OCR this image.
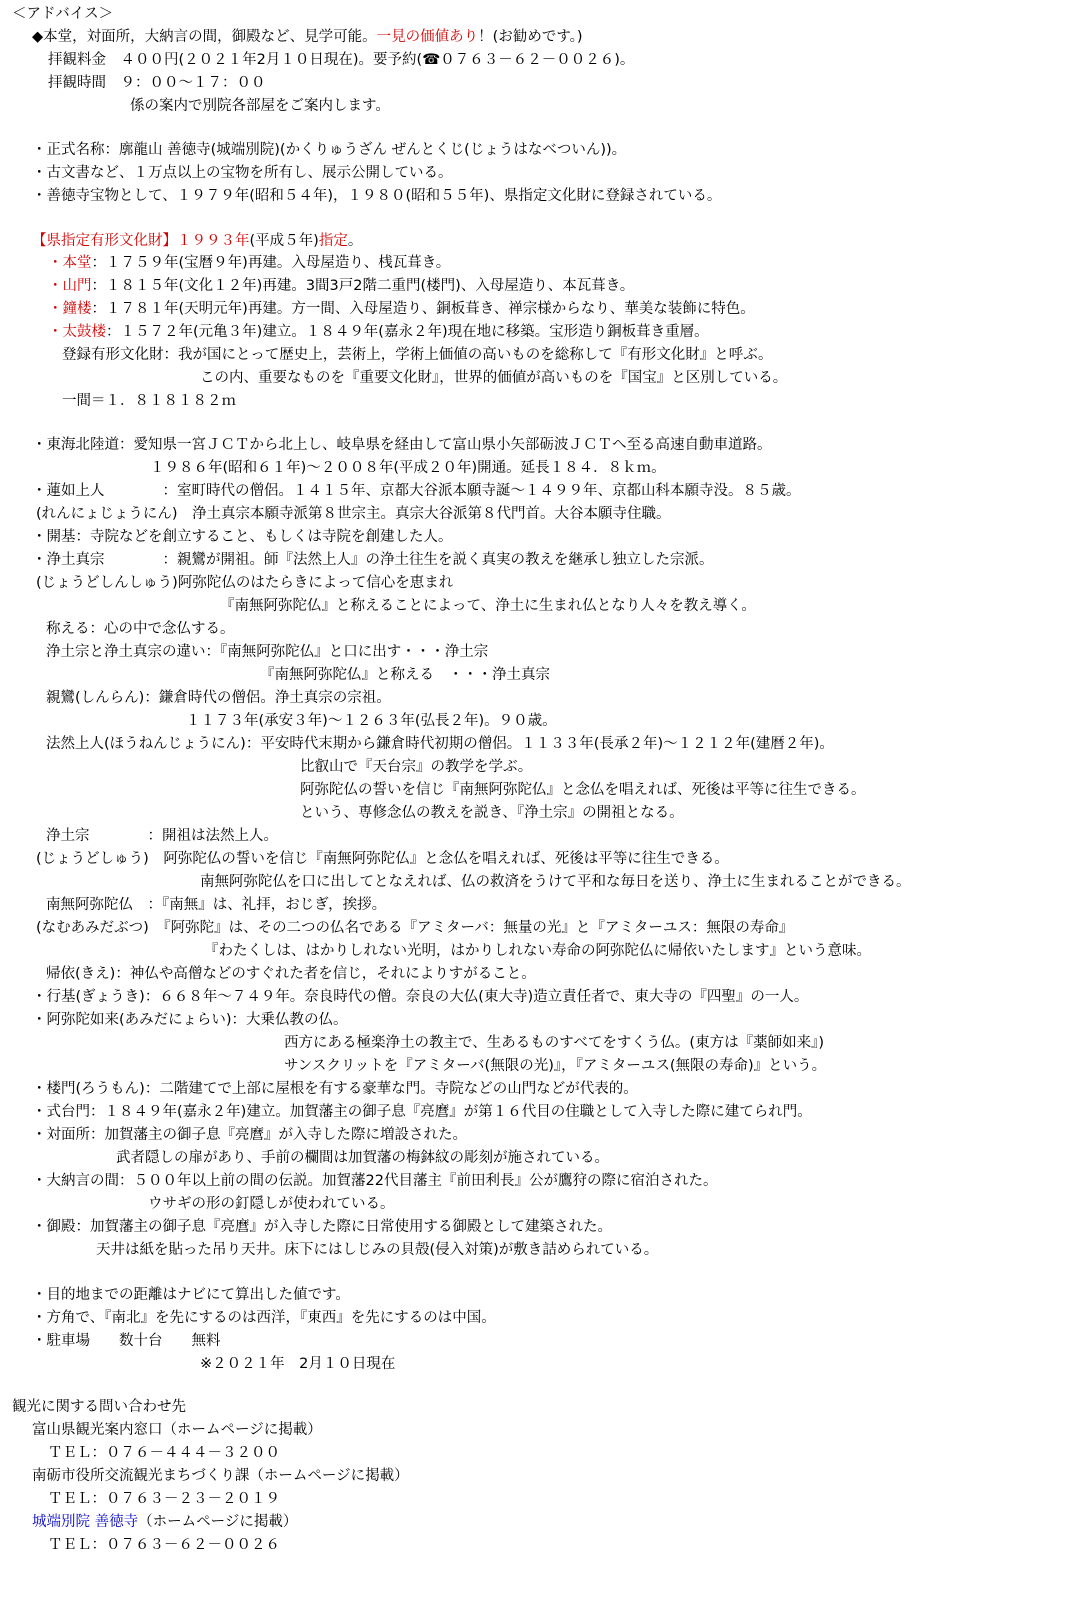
＜アドバイス＞
◆本堂，対面所，大納言の間，御殿など、見学可能。一見の価値あり！(お勧めです。)
拝観料金　４００円(２０２１年2月１０日現在)。要予約(☎０７６３－６２－００２６)。
拝観時間　９：００～１７：００
係の案内で別院各部屋をご案内します。
・正式名称：廓龍山 善徳寺(城端別院)(かくりゅうざん ぜんとくじ(じょうはなべついん))。
・古文書など、１万点以上の宝物を所有し、展示公開している。
・善徳寺宝物として、１９７９年(昭和５４年)，１９８０(昭和５５年)、県指定文化財に登録されている。
【県指定有形文化財】１９９３年(平成５年)指定。
・本堂：１７５９年(宝暦９年)再建。入母屋造り、桟瓦葺き。
・山門：１８１５年(文化１２年)再建。3間3戸2階二重門(楼門)、入母屋造り、本瓦葺き。
・鐘楼：１７８１年(天明元年)再建。方一間、入母屋造り、銅板葺き、禅宗様からなり、華美な装飾に特色。
・太鼓楼：１５７２年(元亀３年)建立。１８４９年(嘉永２年)現在地に移築。宝形造り銅板葺き重層。
登録有形文化財：我が国にとって歴史上，芸術上，学術上価値の高いものを総称して『有形文化財』と呼ぶ。
この内、重要なものを『重要文化財』，世界的価値が高いものを『国宝』と区別している。
一間＝１．８１８１８２ｍ
・東海北陸道：愛知県一宮ＪＣＴから北上し、岐阜県を経由して富山県小矢部砺波ＪＣＴへ至る高速自動車道路。
１９８６年(昭和６１年)～２００８年(平成２０年)開通。延長１８４．８ｋｍ。
・蓮如上人　　　　：室町時代の僧侶。１４１５年、京都大谷派本願寺誕～１４９９年、京都山科本願寺没。８５歳。
(れんにょじょうにん)　浄土真宗本願寺派第８世宗主。真宗大谷派第８代門首。大谷本願寺住職。
・開基：寺院などを創立すること、もしくは寺院を創建した人。
・浄土真宗　　　　：親鸞が開祖。師『法然上人』の浄土往生を説く真実の教えを継承し独立した宗派。
(じょうどしんしゅう)阿弥陀仏のはたらきによって信心を恵まれ
『南無阿弥陀仏』と称えることによって、浄土に生まれ仏となり人々を教え導く。
称える：心の中で念仏する。
浄土宗と浄土真宗の違い：『南無阿弥陀仏』と口に出す・・・浄土宗
『南無阿弥陀仏』と称える　・・・浄土真宗
親鸞(しんらん)：鎌倉時代の僧侶。浄土真宗の宗祖。
１１７３年(承安３年)～１２６３年(弘長２年)。９０歳。
法然上人(ほうねんじょうにん)：平安時代末期から鎌倉時代初期の僧侶。１１３３年(長承２年)～１２１２年(建暦２年)。
比叡山で『天台宗』の教学を学ぶ。
阿弥陀仏の誓いを信じ『南無阿弥陀仏』と念仏を唱えれば、死後は平等に往生できる。
という、専修念仏の教えを説き、『浄土宗』の開祖となる。
浄土宗　　　　：開祖は法然上人。
(じょうどしゅう)　阿弥陀仏の誓いを信じ『南無阿弥陀仏』と念仏を唱えれば、死後は平等に往生できる。
南無阿弥陀仏を口に出してとなえれば、仏の救済をうけて平和な毎日を送り、浄土に生まれることができる。
南無阿弥陀仏　：『南無』は、礼拝，おじぎ，挨拶。
(なむあみだぶつ)　『阿弥陀』は、その二つの仏名である『アミターバ：無量の光』と『アミターユス：無限の寿命』
『わたくしは、はかりしれない光明，はかりしれない寿命の阿弥陀仏に帰依いたします』という意味。
帰依(きえ)：神仏や高僧などのすぐれた者を信じ，それによりすがること。
・行基(ぎょうき)：６６８年～７４９年。奈良時代の僧。奈良の大仏(東大寺)造立責任者で、東大寺の『四聖』の一人。
・阿弥陀如来(あみだにょらい)：大乗仏教の仏。
西方にある極楽浄土の教主で、生あるものすべてをすくう仏。(東方は『薬師如来』)
サンスクリットを『アミターバ(無限の光)』，『アミターユス(無限の寿命)』という。
・楼門(ろうもん)：二階建てで上部に屋根を有する豪華な門。寺院などの山門などが代表的。
・式台門：１８４９年(嘉永２年)建立。加賀藩主の御子息『亮麿』が第１６代目の住職として入寺した際に建てられ門。
・対面所：加賀藩主の御子息『亮麿』が入寺した際に増設された。
武者隠しの扉があり、手前の欄間は加賀藩の梅鉢紋の彫刻が施されている。
・大納言の間：５００年以上前の間の伝説。加賀藩22代目藩主『前田利長』公が鷹狩の際に宿泊された。
ウサギの形の釘隠しが使われている。
・御殿：加賀藩主の御子息『亮麿』が入寺した際に日常使用する御殿として建築された。
天井は紙を貼った吊り天井。床下にはしじみの貝殻(侵入対策)が敷き詰められている。
・目的地までの距離はナビにて算出した値です。
・方角で、『南北』を先にするのは西洋，『東西』を先にするのは中国。
・駐車場　　数十台　　無料
※２０２１年　2月１０日現在
観光に関する問い合わせ先
富山県観光案内窓口（ホームページに掲載）
ＴＥＬ：０７６－４４４－３２００
南砺市役所交流観光まちづくり課（ホームページに掲載）
ＴＥＬ：０７６３－２３－２０１９
城端別院 善徳寺（ホームページに掲載）
ＴＥＬ：０７６３－６２－００２６
